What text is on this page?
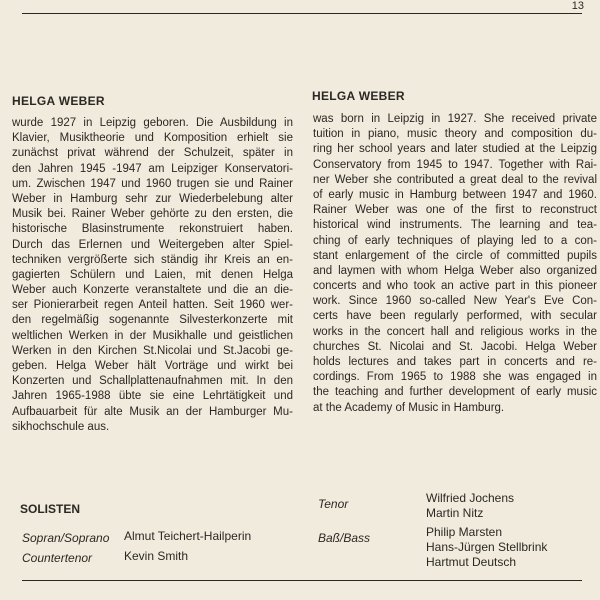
13
HELGA WEBER
wurde 1927 in Leipzig geboren. Die Ausbildung in
Klavier, Musiktheorie und Komposition erhielt sie
zunächst privat während der Schulzeit, später in
den Jahren 1945 -1947 am Leipziger Konservatori-
um. Zwischen 1947 und 1960 trugen sie und Rainer
Weber in Hamburg sehr zur Wiederbelebung alter
Musik bei. Rainer Weber gehörte zu den ersten, die
historische Blasinstrumente rekonstruiert haben.
Durch das Erlernen und Weitergeben alter Spiel-
techniken vergrößerte sich ständig ihr Kreis an en-
gagierten Schülern und Laien, mit denen Helga
Weber auch Konzerte veranstaltete und die an die-
ser Pionierarbeit regen Anteil hatten. Seit 1960 wer-
den regelmäßig sogenannte Silvesterkonzerte mit
weltlichen Werken in der Musikhalle und geistlichen
Werken in den Kirchen St.Nicolai und St.Jacobi ge-
geben. Helga Weber hält Vorträge und wirkt bei
Konzerten und Schallplattenaufnahmen mit. In den
Jahren 1965-1988 übte sie eine Lehrtätigkeit und
Aufbauarbeit für alte Musik an der Hamburger Mu-
sikhochschule aus.
HELGA WEBER
was born in Leipzig in 1927. She received private
tuition in piano, music theory and composition du-
ring her school years and later studied at the Leipzig
Conservatory from 1945 to 1947. Together with Rai-
ner Weber she contributed a great deal to the revival
of early music in Hamburg between 1947 and 1960.
Rainer Weber was one of the first to reconstruct
historical wind instruments. The learning and tea-
ching of early techniques of playing led to a con-
stant enlargement of the circle of committed pupils
and laymen with whom Helga Weber also organized
concerts and who took an active part in this pioneer
work. Since 1960 so-called New Year's Eve Con-
certs have been regularly performed, with secular
works in the concert hall and religious works in the
churches St. Nicolai and St. Jacobi. Helga Weber
holds lectures and takes part in concerts and re-
cordings. From 1965 to 1988 she was engaged in
the teaching and further development of early music
at the Academy of Music in Hamburg.
SOLISTEN
Sopran/Soprano Almut Teichert-Hailperin
Countertenor	Kevin Smith
Tenor	Wilfried Jochens
Martin Nitz
Baß/Bass	Philip Marsten
Hans-Jürgen Stellbrink
Hartmut Deutsch
